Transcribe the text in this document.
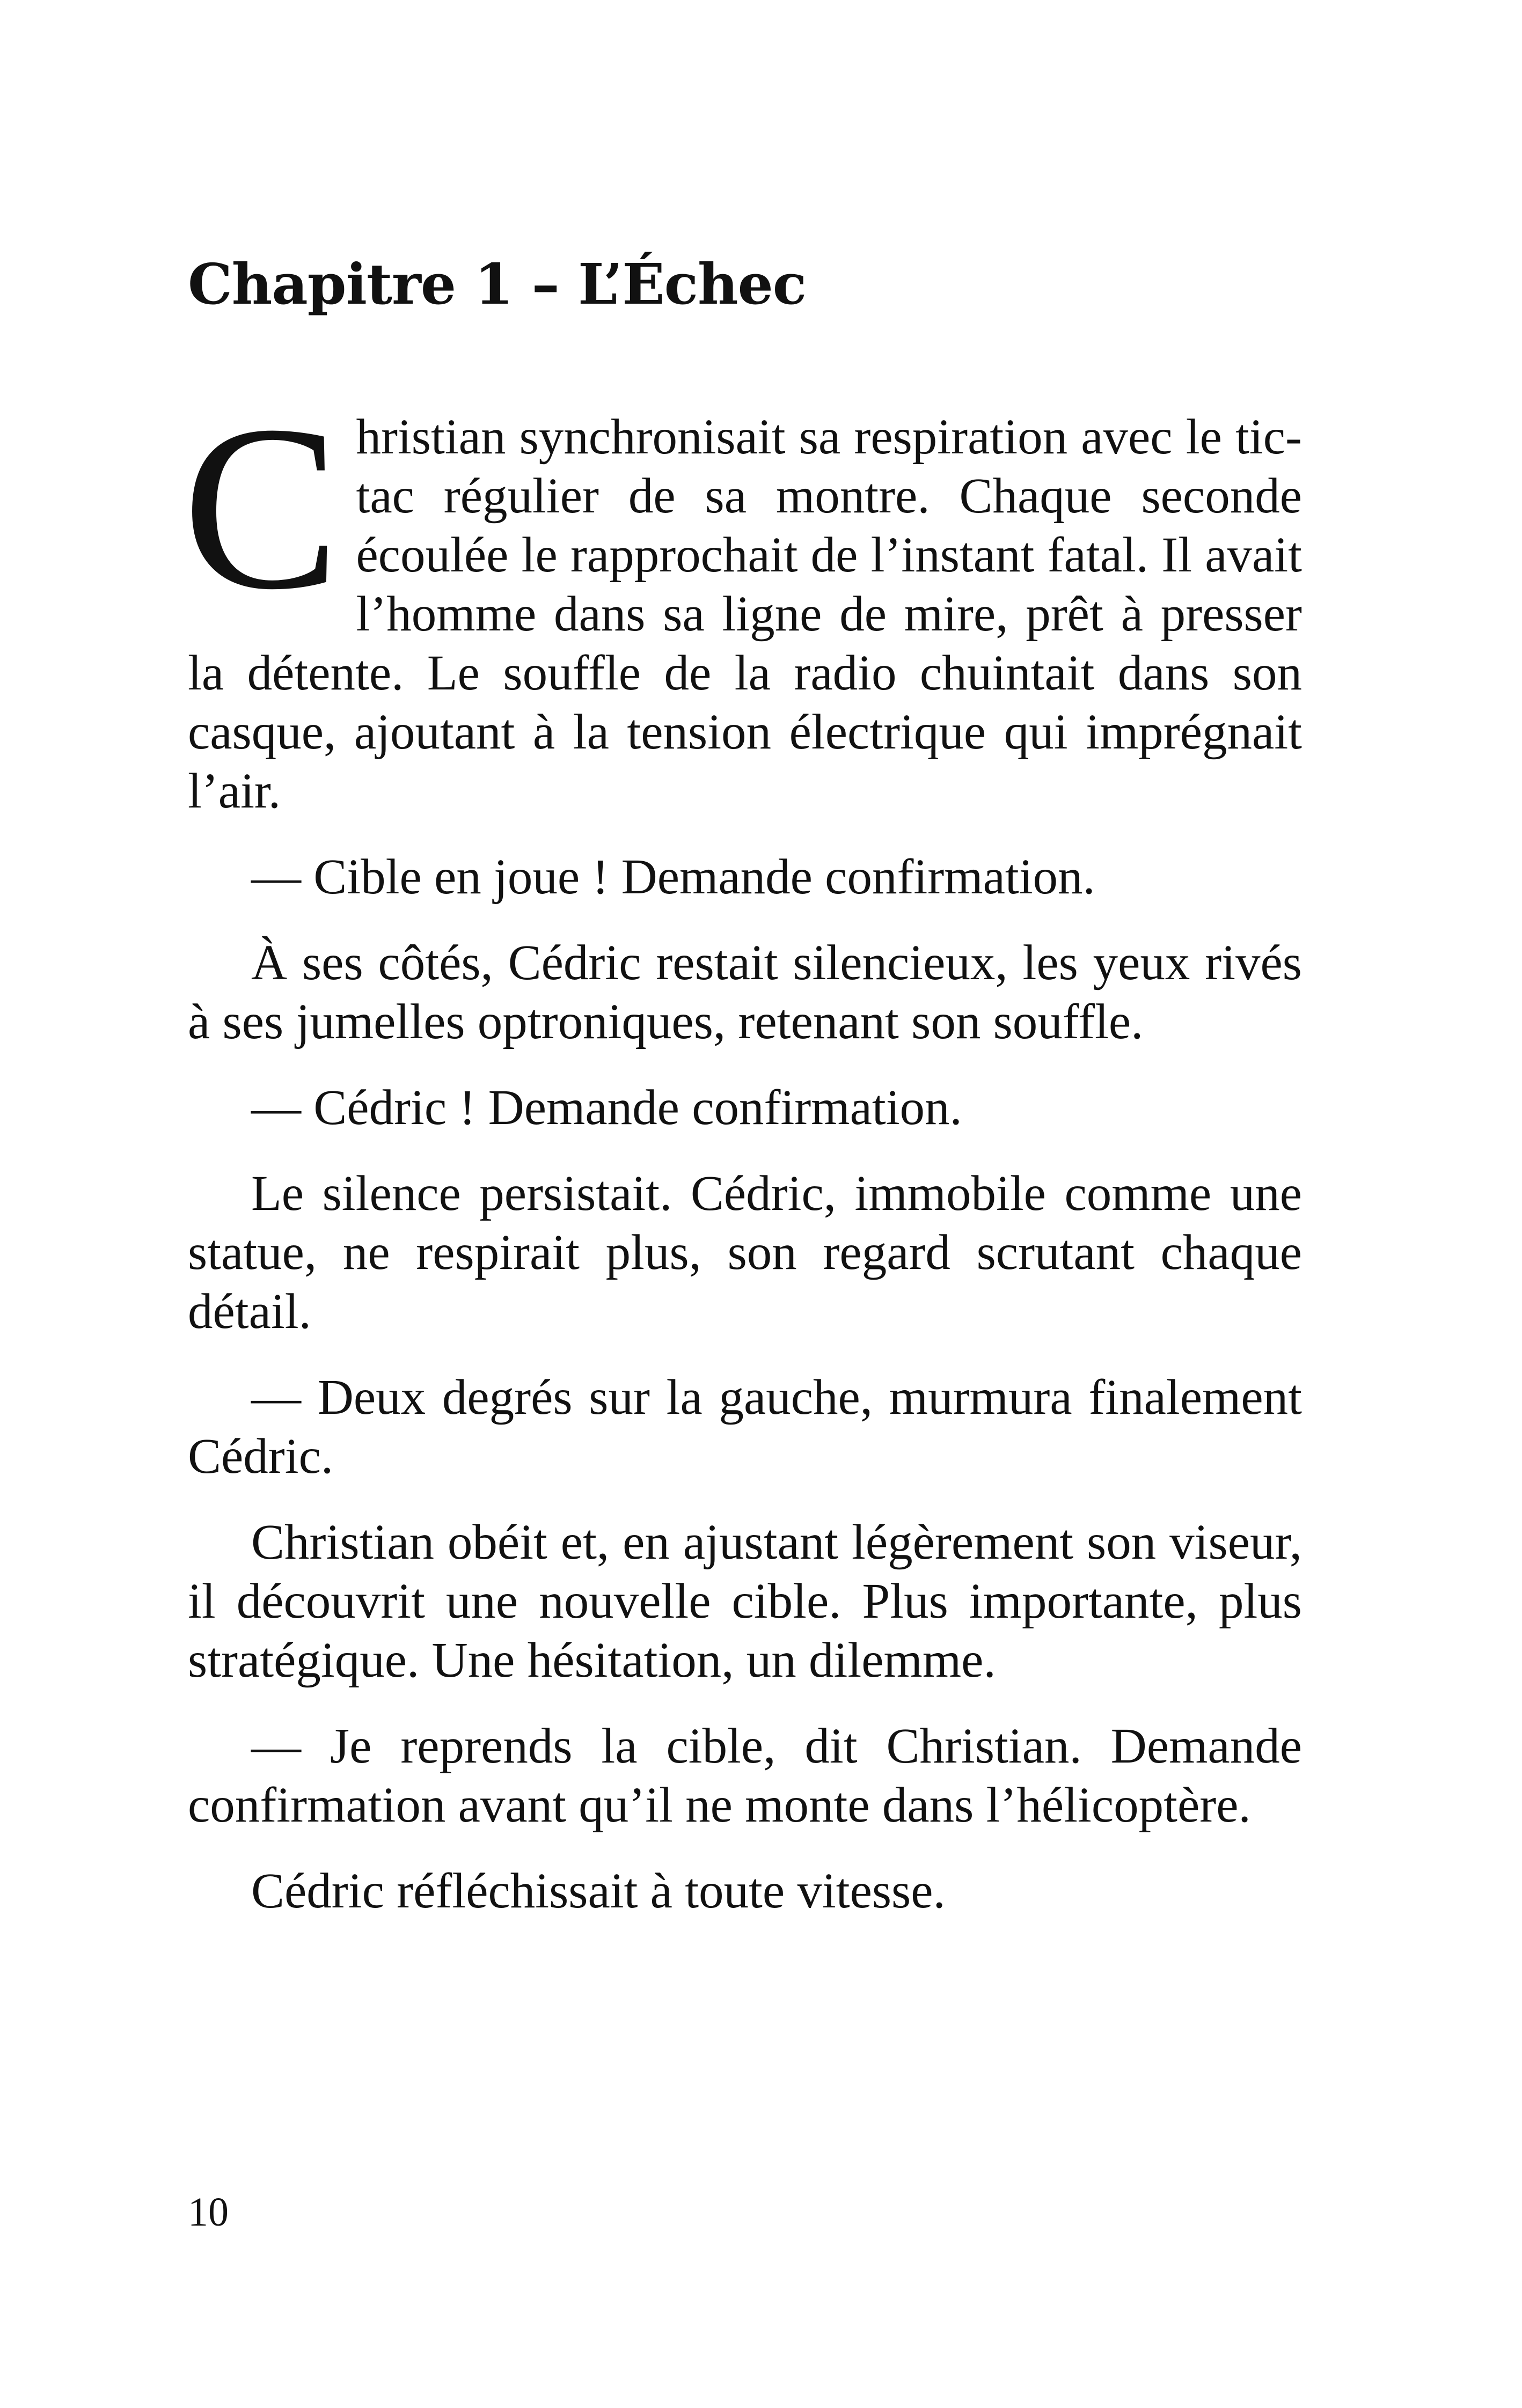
Chapitre 1 – L’Échec

Christian synchronisait sa respiration avec le tic-tac régulier de sa montre. Chaque seconde écoulée le rapprochait de l’instant fatal. Il avait l’homme dans sa ligne de mire, prêt à presser la détente. Le souffle de la radio chuintait dans son casque, ajoutant à la tension électrique qui imprégnait l’air.

— Cible en joue ! Demande confirmation.

À ses côtés, Cédric restait silencieux, les yeux rivés à ses jumelles optroniques, retenant son souffle.

— Cédric ! Demande confirmation.

Le silence persistait. Cédric, immobile comme une statue, ne respirait plus, son regard scrutant chaque détail.

— Deux degrés sur la gauche, murmura finalement Cédric.

Christian obéit et, en ajustant légèrement son viseur, il découvrit une nouvelle cible. Plus importante, plus stratégique. Une hésitation, un dilemme.

— Je reprends la cible, dit Christian. Demande confirmation avant qu’il ne monte dans l’hélicoptère.

Cédric réfléchissait à toute vitesse.

10
